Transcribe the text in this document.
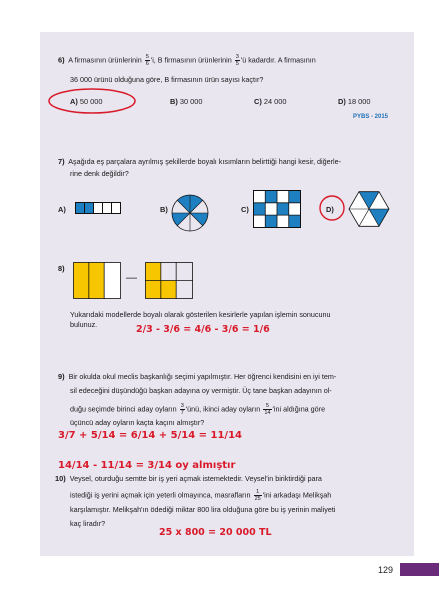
6) A firmasının ürünlerinin $\frac{5}{6}$ 'i, B firmasının ürünlerinin $\frac{3}{5}$ 'ü kadardır. A firmasının
36 000 ürünü olduğuna göre, B firmasının ürün sayısı kaçtır?
A) 50 000	B) 30 000	C) 24 000	D) 18 000
PYBS - 2015
7) Aşağıda eş parçalara ayrılmış şekillerde boyalı kısımların belirttiği hangi kesir, diğerle-
rine denk değildir?
A)	B)	C)	D)
8)
—
Yukarıdaki modellerde boyalı olarak gösterilen kesirlerle yapılan işlemin sonucunu
bulunuz.	2/3 - 3/6 = 4/6 - 3/6 = 1/6
9) Bir okulda okul meclis başkanlığı seçimi yapılmıştır. Her öğrenci kendisini en iyi tem-
sil edeceğini düşündüğü başkan adayına oy vermiştir. Üç tane başkan adayının ol-
duğu seçimde birinci aday oyların $\frac{3}{7}$ 'ünü, ikinci aday oyların $\frac{5}{14}$ 'ini aldığına göre
üçüncü aday oyların kaçta kaçını almıştır?
3/7 + 5/14 = 6/14 + 5/14 = 11/14
14/14 - 11/14 = 3/14 oy almıştır
10) Veysel, oturduğu semtte bir iş yeri açmak istemektedir. Veysel'in biriktirdiği para
istediği iş yerini açmak için yeterli olmayınca, masrafların $\frac{1}{25}$ 'ini arkadaşı Melikşah
karşılamıştır. Melikşah'ın ödediği miktar 800 lira olduğuna göre bu iş yerinin maliyeti
kaç liradır?
25 x 800 = 20 000 TL
129
